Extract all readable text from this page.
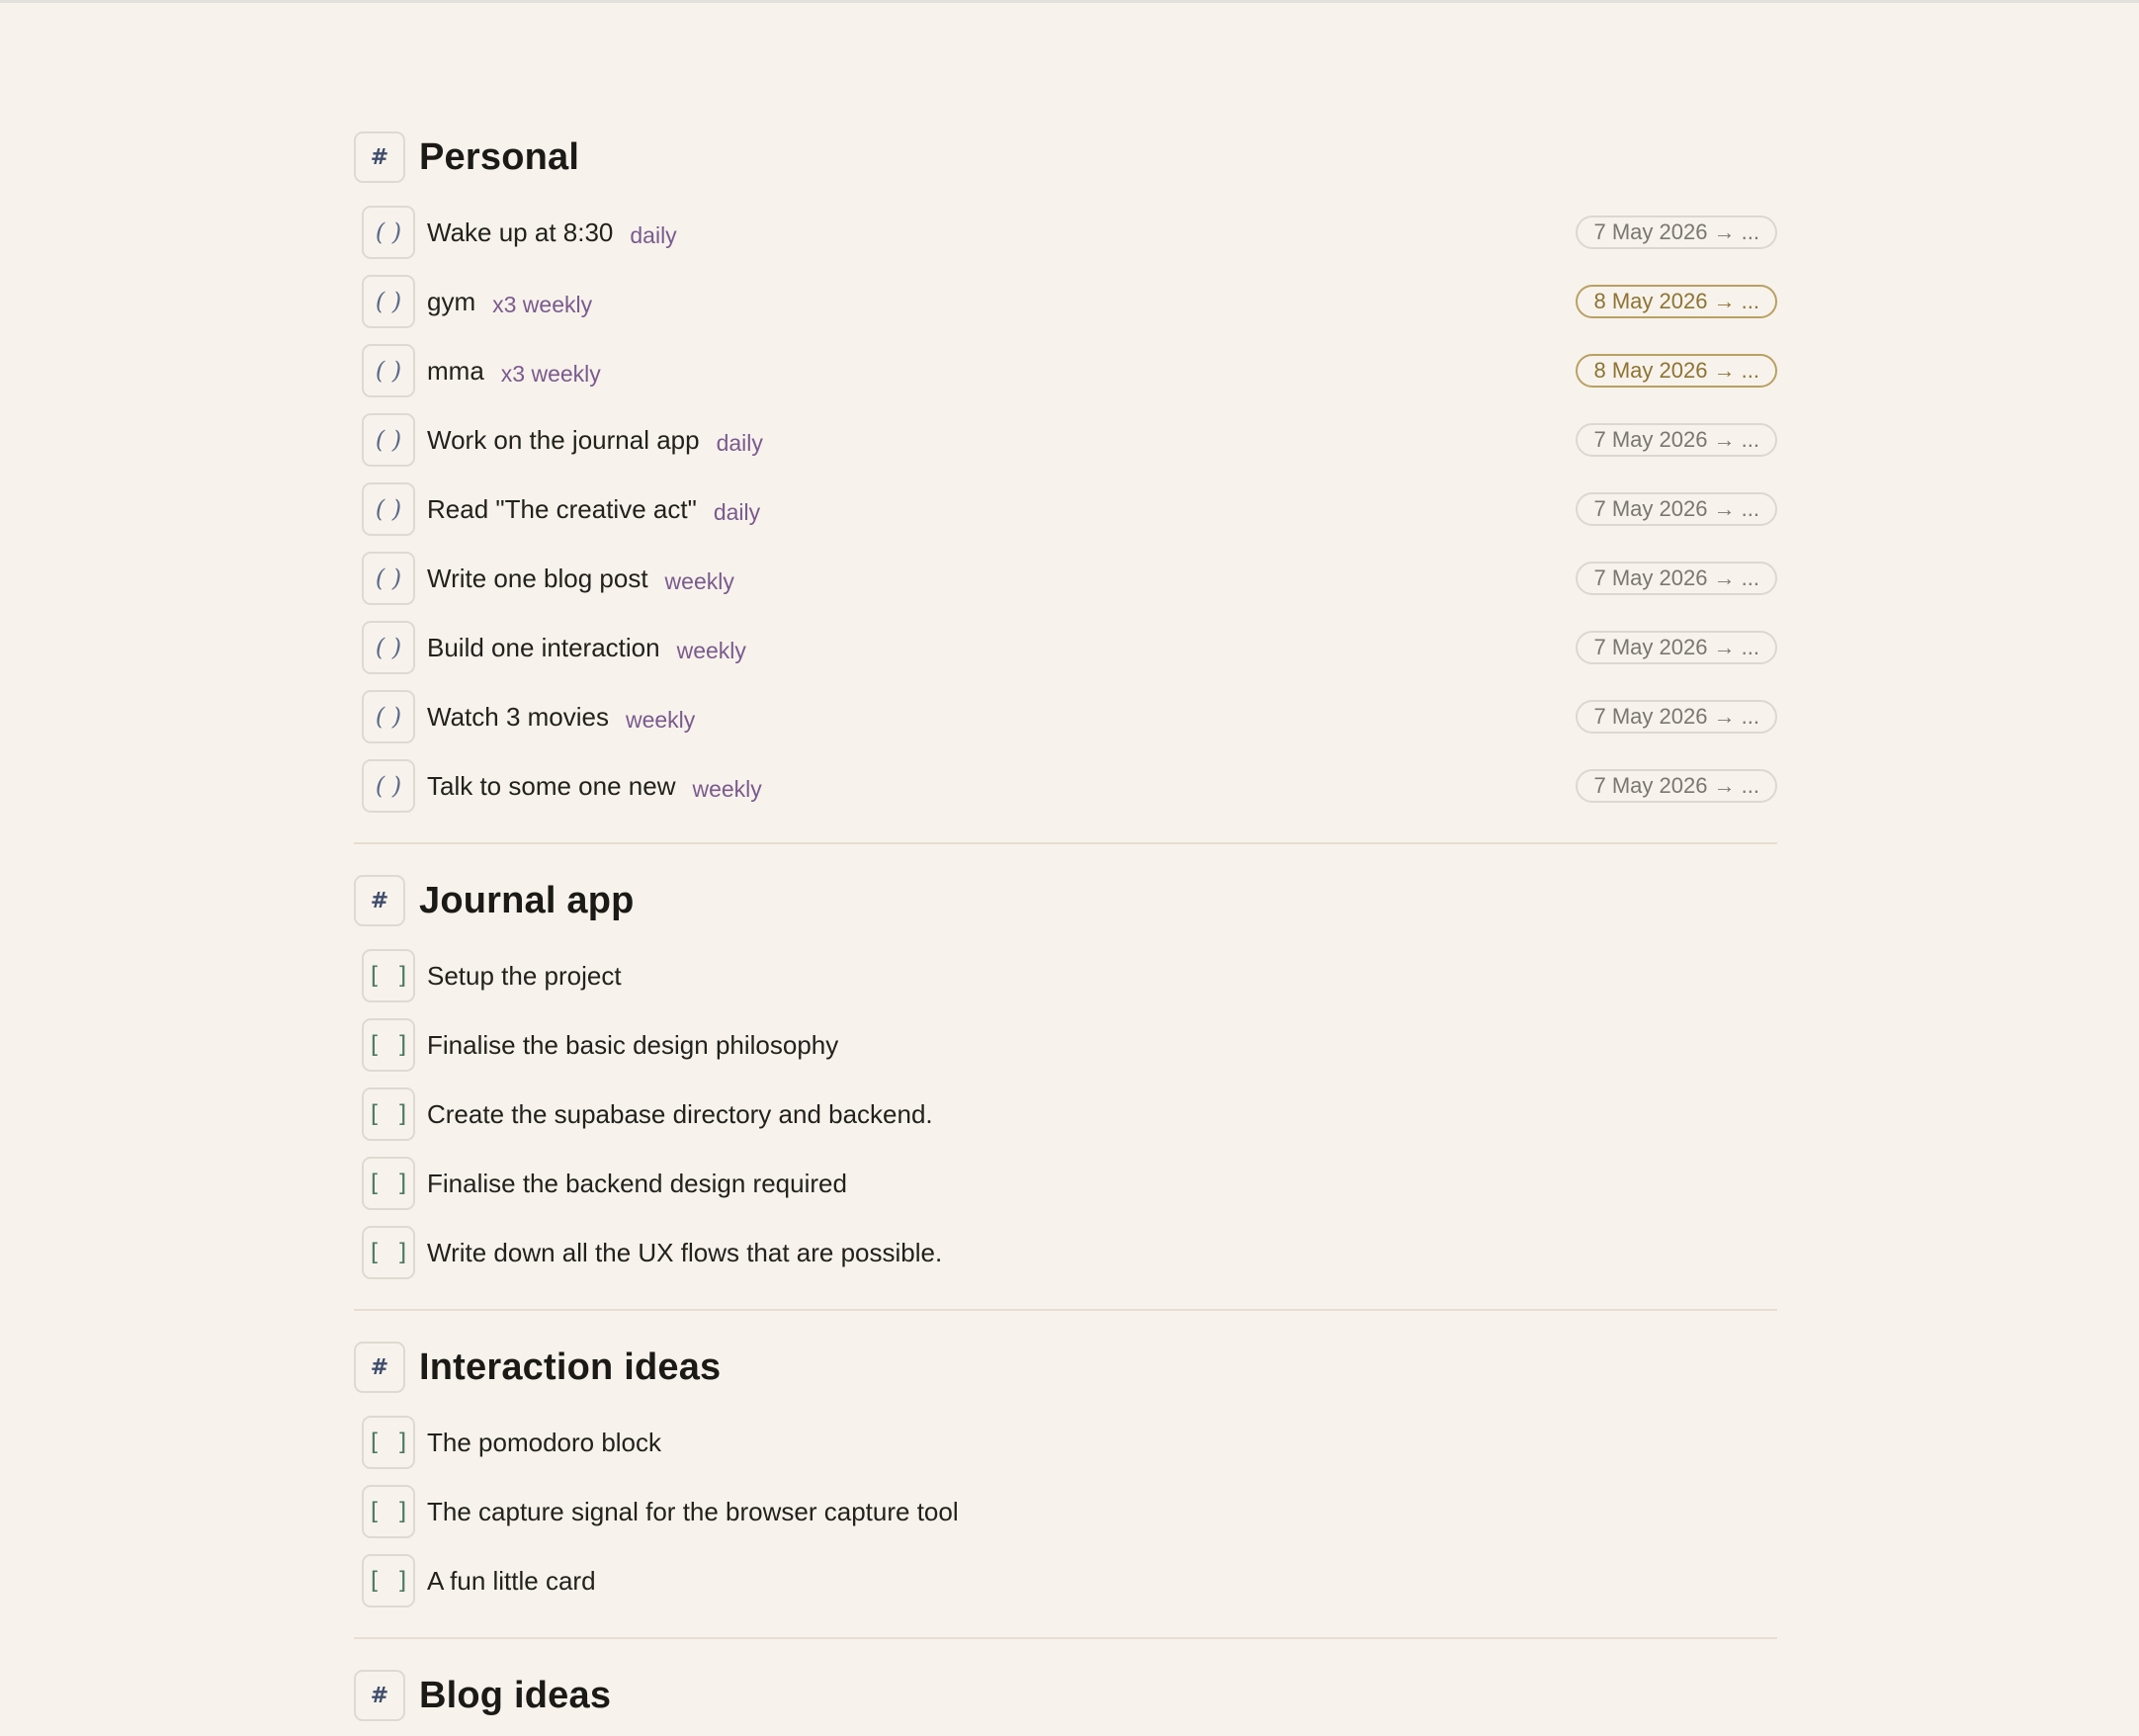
# Personal
( ) Wake up at 8:30 daily	7 May 2026 → ...
( ) gym x3 weekly	8 May 2026 → ...
( ) mma x3 weekly	8 May 2026 → ...
( ) Work on the journal app daily	7 May 2026 → ...
( ) Read "The creative act" daily	7 May 2026 → ...
( ) Write one blog post weekly	7 May 2026 → ...
( ) Build one interaction weekly	7 May 2026 → ...
( ) Watch 3 movies weekly	7 May 2026 → ...
( ) Talk to some one new weekly	7 May 2026 → ...
# Journal app
[ ] Setup the project
[ ] Finalise the basic design philosophy
[ ] Create the supabase directory and backend.
[ ] Finalise the backend design required
[ ] Write down all the UX flows that are possible.
# Interaction ideas
[ ] The pomodoro block
[ ] The capture signal for the browser capture tool
[ ] A fun little card
# Blog ideas
